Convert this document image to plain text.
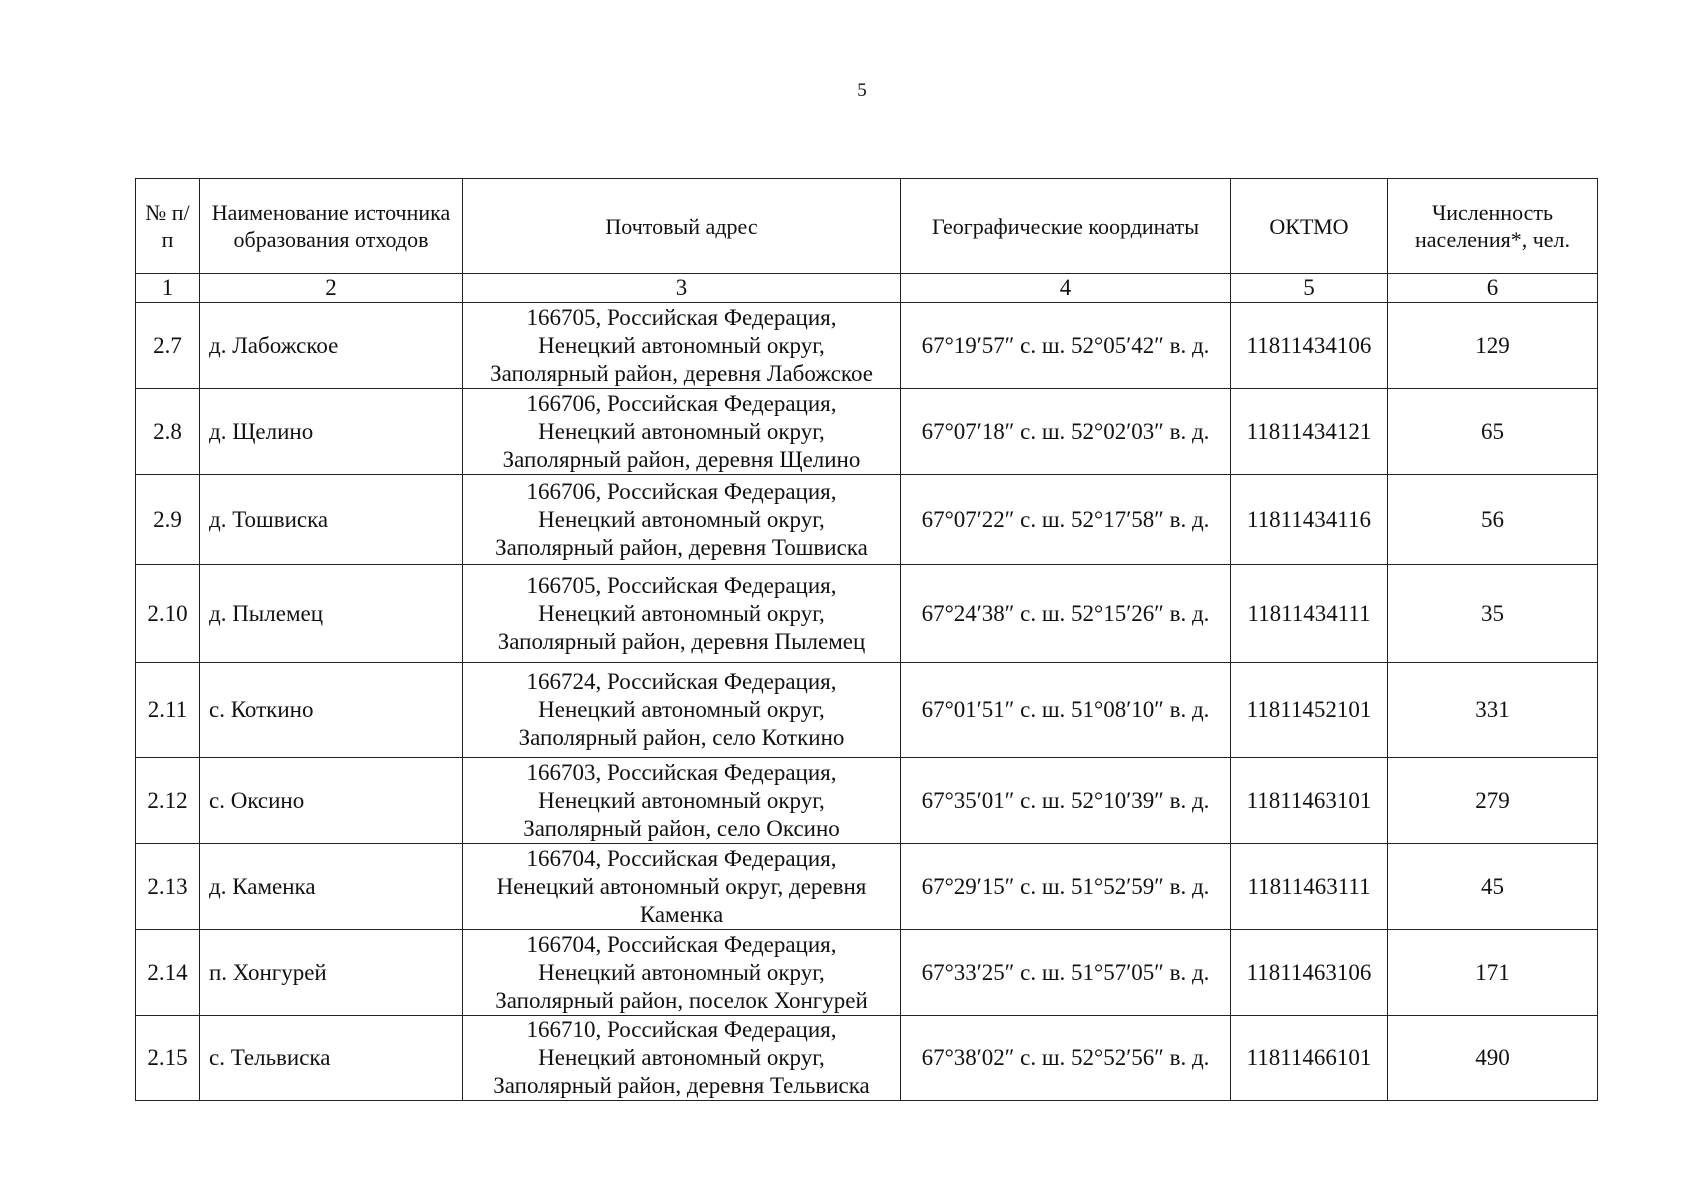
5
№ п/п	Наименование источника образования отходов	Почтовый адрес	Географические координаты	ОКТМО	Численность населения*, чел.
1	2	3	4	5	6
2.7	д. Лабожское	166705, Российская Федерация,
Ненецкий автономный округ,
Заполярный район, деревня Лабожское	67°19′57″ с. ш. 52°05′42″ в. д.	11811434106	129
2.8	д. Щелино	166706, Российская Федерация,
Ненецкий автономный округ,
Заполярный район, деревня Щелино	67°07′18″ с. ш. 52°02′03″ в. д.	11811434121	65
2.9	д. Тошвиска	166706, Российская Федерация,
Ненецкий автономный округ,
Заполярный район, деревня Тошвиска	67°07′22″ с. ш. 52°17′58″ в. д.	11811434116	56
2.10	д. Пылемец	166705, Российская Федерация,
Ненецкий автономный округ,
Заполярный район, деревня Пылемец	67°24′38″ с. ш. 52°15′26″ в. д.	11811434111	35
2.11	с. Коткино	166724, Российская Федерация,
Ненецкий автономный округ,
Заполярный район, село Коткино	67°01′51″ с. ш. 51°08′10″ в. д.	11811452101	331
2.12	с. Оксино	166703, Российская Федерация,
Ненецкий автономный округ,
Заполярный район, село Оксино	67°35′01″ с. ш. 52°10′39″ в. д.	11811463101	279
2.13	д. Каменка	166704, Российская Федерация,
Ненецкий автономный округ, деревня
Каменка	67°29′15″ с. ш. 51°52′59″ в. д.	11811463111	45
2.14	п. Хонгурей	166704, Российская Федерация,
Ненецкий автономный округ,
Заполярный район, поселок Хонгурей	67°33′25″ с. ш. 51°57′05″ в. д.	11811463106	171
2.15	с. Тельвиска	166710, Российская Федерация,
Ненецкий автономный округ,
Заполярный район, деревня Тельвиска	67°38′02″ с. ш. 52°52′56″ в. д.	11811466101	490
